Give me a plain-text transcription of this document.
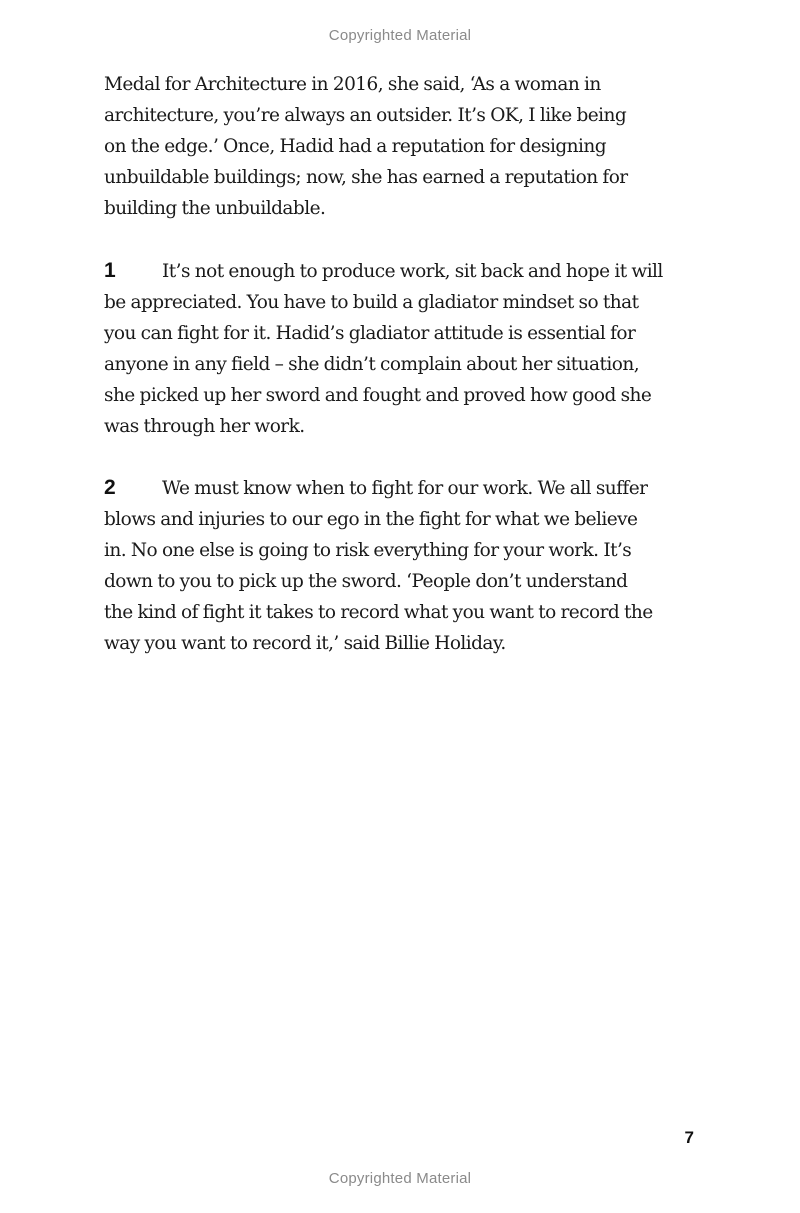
Copyrighted Material

Medal for Architecture in 2016, she said, ‘As a woman in
architecture, you’re always an outsider. It’s OK, I like being
on the edge.’ Once, Hadid had a reputation for designing
unbuildable buildings; now, she has earned a reputation for
building the unbuildable.

1	It’s not enough to produce work, sit back and hope it will
be appreciated. You have to build a gladiator mindset so that
you can fight for it. Hadid’s gladiator attitude is essential for
anyone in any field – she didn’t complain about her situation,
she picked up her sword and fought and proved how good she
was through her work.

2	We must know when to fight for our work. We all suffer
blows and injuries to our ego in the fight for what we believe
in. No one else is going to risk everything for your work. It’s
down to you to pick up the sword. ‘People don’t understand
the kind of fight it takes to record what you want to record the
way you want to record it,’ said Billie Holiday.

7
Copyrighted Material
